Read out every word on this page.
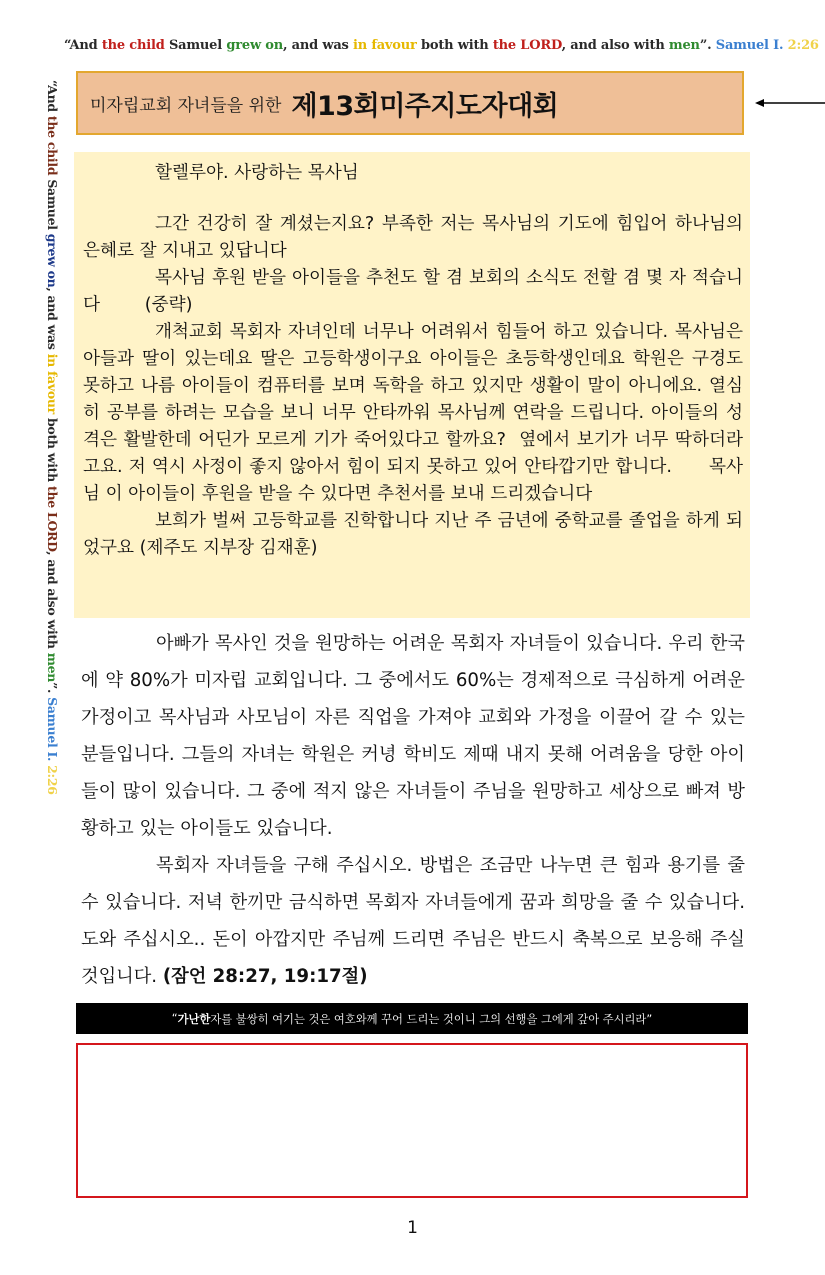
“And the child Samuel grew on, and was in favour both with the LORD, and also with men”. Samuel I. 2:26
“And the child Samuel grew on, and was in favour both with the LORD, and also with men”. Samuel I. 2:26
미자립교회 자녀들을 위한 제13회미주지도자대회

할렐루야. 사랑하는 목사님

그간 건강히 잘 계셨는지요? 부족한 저는 목사님의 기도에 힘입어 하나님의 은혜로 잘 지내고 있답니다

목사님 후원 받을 아이들을 추천도 할 겸 보회의 소식도 전할 겸 몇 자 적습니다        (중략)

개척교회 목회자 자녀인데 너무나 어려워서 힘들어 하고 있습니다. 목사님은 아들과 딸이 있는데요 딸은 고등학생이구요 아이들은 초등학생인데요 학원은 구경도 못하고 나름 아이들이 컴퓨터를 보며 독학을 하고 있지만 생활이 말이 아니에요. 열심히 공부를 하려는 모습을 보니 너무 안타까워 목사님께 연락을 드립니다. 아이들의 성격은 활발한데 어딘가 모르게 기가 죽어있다고 할까요?  옆에서 보기가 너무 딱하더라고요. 저 역시 사정이 좋지 않아서 힘이 되지 못하고 있어 안타깝기만 합니다.      목사님 이 아이들이 후원을 받을 수 있다면 추천서를 보내 드리겠습니다

보희가 벌써 고등학교를 진학합니다 지난 주 금년에 중학교를 졸업을 하게 되었구요 (제주도 지부장 김재훈)

아빠가 목사인 것을 원망하는 어려운 목회자 자녀들이 있습니다. 우리 한국에 약 80%가 미자립 교회입니다. 그 중에서도 60%는 경제적으로 극심하게 어려운 가정이고 목사님과 사모님이 자른 직업을 가져야 교회와 가정을 이끌어 갈 수 있는 분들입니다. 그들의 자녀는 학원은 커녕 학비도 제때 내지 못해 어려움을 당한 아이들이 많이 있습니다. 그 중에 적지 않은 자녀들이 주님을 원망하고 세상으로 빠져 방황하고 있는 아이들도 있습니다.

목회자 자녀들을 구해 주십시오. 방법은 조금만 나누면 큰 힘과 용기를 줄 수 있습니다. 저녁 한끼만 금식하면 목회자 자녀들에게 꿈과 희망을 줄 수 있습니다. 도와 주십시오.. 돈이 아깝지만 주님께 드리면 주님은 반드시 축복으로 보응해 주실 것입니다. (잠언 28:27, 19:17절)

“ 가난한 자를 불쌍히 여기는 것은 여호와께 꾸어 드리는 것이니 그의 선행을 그에게 갚아 주시리라”
1
